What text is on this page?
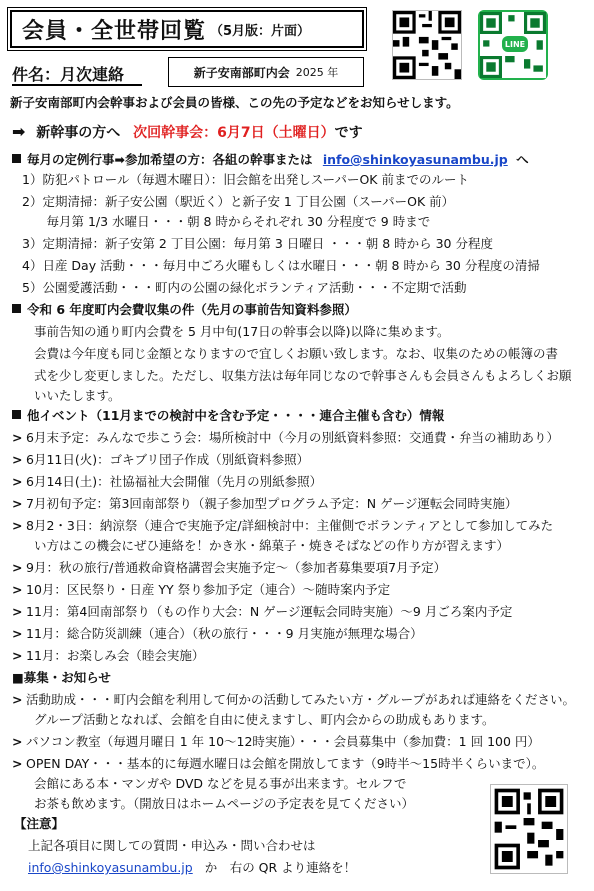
会員・全世帯回覧 （5月版：片面）
件名：月次連絡	新子安南部町内会 2025 年
LINE
新子安南部町内会幹事および会員の皆様、この先の予定などをお知らせします。
➡ 新幹事の方へ 次回幹事会：6月7日（土曜日）です
毎月の定例行事➡参加希望の方：各組の幹事または info@shinkoyasunambu.jp へ
1）防犯パトロール（毎週木曜日）：旧会館を出発しスーパーOK 前までのルート
2）定期清掃：新子安公園（駅近く）と新子安 1 丁目公園（スーパーOK 前）
　毎月第 1/3 水曜日・・・朝 8 時からそれぞれ 30 分程度で 9 時まで
3）定期清掃：新子安第 2 丁目公園：毎月第 3 日曜日 ・・・朝 8 時から 30 分程度
4）日産 Day 活動・・・毎月中ごろ火曜もしくは水曜日・・・朝 8 時から 30 分程度の清掃
5）公園愛護活動・・・町内の公園の緑化ボランティア活動・・・不定期で活動
令和 6 年度町内会費収集の件（先月の事前告知資料参照）
事前告知の通り町内会費を 5 月中旬(17日の幹事会以降)以降に集めます。
会費は今年度も同じ金額となりますので宜しくお願い致します。なお、収集のための帳簿の書
式を少し変更しました。ただし、収集方法は毎年同じなので幹事さんも会員さんもよろしくお願
いいたします。
他イベント（11月までの検討中を含む予定・・・・連合主催も含む）情報
> 6月末予定：みんなで歩こう会：場所検討中（今月の別紙資料参照：交通費・弁当の補助あり）
> 6月11日(火)：ゴキブリ団子作成（別紙資料参照）
> 6月14日(土)：社協福祉大会開催（先月の別紙参照）
> 7月初旬予定：第3回南部祭り（親子参加型プログラム予定：N ゲージ運転会同時実施）
> 8月2・3日：納涼祭（連合で実施予定/詳細検討中：主催側でボランティアとして参加してみた
い方はこの機会にぜひ連絡を！かき氷・綿菓子・焼きそばなどの作り方が習えます）
> 9月：秋の旅行/普通救命資格講習会実施予定～（参加者募集要項7月予定）
> 10月：区民祭り・日産 YY 祭り参加予定（連合）～随時案内予定
> 11月：第4回南部祭り（もの作り大会：N ゲージ運転会同時実施）～9 月ごろ案内予定
> 11月：総合防災訓練（連合）（秋の旅行・・・9 月実施が無理な場合）
> 11月：お楽しみ会（睦会実施）
■募集・お知らせ
> 活動助成・・・町内会館を利用して何かの活動してみたい方・グループがあれば連絡をください。
グループ活動となれば、会館を自由に使えますし、町内会からの助成もあります。
> パソコン教室（毎週月曜日 1 年 10～12時実施）・・・会員募集中（参加費：1 回 100 円）
> OPEN DAY・・・基本的に毎週水曜日は会館を開放してます（9時半～15時半くらいまで）。
会館にある本・マンガや DVD などを見る事が出来ます。セルフで
お茶も飲めます。（開放日はホームページの予定表を見てください）
【注意】
上記各項目に関しての質問・申込み・問い合わせは
info@shinkoyasunambu.jp か　右の QR より連絡を！
